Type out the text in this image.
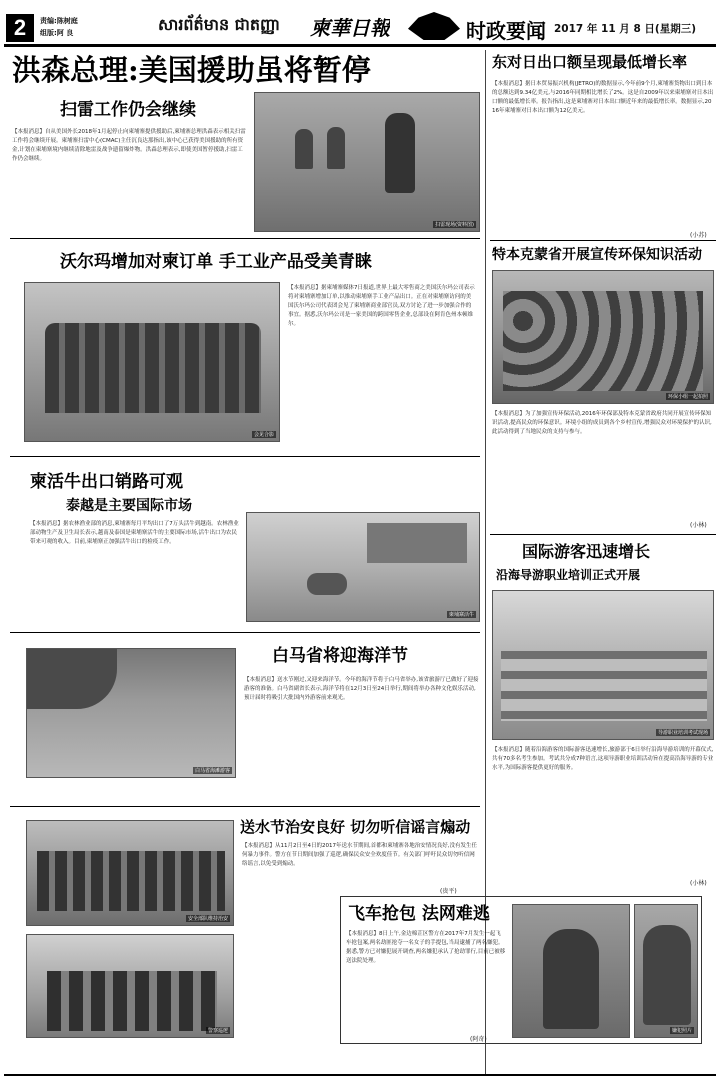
2	责编:陈树庭
组版:阿 良	សារព័ត៌មាន ជាតញ្ញា 柬華日報	时政要闻 2017 年 11 月 8 日(星期三)
洪森总理:美国援助虽将暂停
扫雷工作仍会继续
扫雷现场(资料图)
【本报消息】自从美国外长2018年1月起停止向柬埔寨提供援助后,柬埔寨总理洪森表示相关扫雷工作将会继续开展。柬埔寨扫雷中心(CMAC)主任沉良达那指出,该中心已获得美国援助的所有资金,计划在柬埔寨境内继续清除地雷及战争遗留爆炸物。洪森总理表示,即使美国暂停援助,扫雷工作仍会继续。
沃尔玛增加对柬订单 手工业产品受美青睐
会见合影
【本报消息】据柬埔寨媒体7日报道,世界上最大零售商之美国沃尔玛公司表示将对柬埔寨增加订单,以推动柬埔寨手工业产品出口。正在对柬埔寨访问的美国沃尔玛公司代表团会见了柬埔寨商业部官员,双方讨论了进一步加强合作的事宜。据悉,沃尔玛公司是一家美国的跨国零售企业,总部设在阿肯色州本顿维尔。
柬活牛出口销路可观
泰越是主要国际市场
【本报消息】据农林渔业部的消息,柬埔寨每月平均出口了7万头活牛到越南。农林渔业部动物生产及卫生局长表示,越南及泰国是柬埔寨活牛的主要国际市场,活牛出口为农民带来可观的收入。目前,柬埔寨正加强活牛出口的检疫工作。
柬埔寨活牛
白马省海滩游客
白马省将迎海洋节
【本报消息】送水节刚过,又迎来海洋节。今年的海洋节将于白马省举办,该省旅游厅已做好了迎接游客的准备。白马省副省长表示,海洋节将在12月3日至24日举行,期间将举办各种文化娱乐活动,预计届时将吸引大批国内外游客前来观光。
安全部队维持治安
警察巡逻
送水节治安良好 切勿听信谣言煽动
【本报消息】从11月2日至4日的2017年送水节期间,首都和柬埔寨各地治安情况良好,没有发生任何暴力事件。警方在节日期间加强了巡逻,确保民众安全欢度佳节。有关部门呼吁民众切勿听信网络谣言,以免受到煽动。
(贵平)
飞车抢包 法网难逃
【本报消息】8日上午,金边棉芷区警方在2017年7月发生一起飞车抢包案,两名劫匪抢夺一名女子的手提包,当局逮捕了两名嫌犯。据悉,警方已对嫌犯展开调查,两名嫌犯承认了抢劫罪行,目前已被移送法院处理。
嫌犯照片
(阿奇)
东对日出口额呈现最低增长率
【本报消息】据日本贸易振兴机构(JETRO)的数据显示,今年前9个月,柬埔寨货物出口到日本的总额达到9.34亿美元,与2016年同期相比增长了2%。这是自2009年以来柬埔寨对日本出口额的最低增长率。报告指出,这是柬埔寨对日本出口额近年来的最低增长率。数据显示,2016年柬埔寨对日本出口额为12亿美元。
(小苏)
特本克蒙省开展宣传环保知识活动
环保小组一起拍照
【本报消息】为了加强宣传环保活动,2016年环保部及特本克蒙省政府共同开展宣传环保知识活动,提高民众的环保意识。环境小组的成员到各个乡村宣传,增强民众对环境保护的认识,此活动得到了当地民众的支持与参与。
(小林)
国际游客迅速增长
沿海导游职业培训正式开展
导游职业培训考试现场
【本报消息】随着沿海游客的国际游客迅速增长,旅游部于6日举行沿海导游培训的开幕仪式,共有70多名考生参加。考试共分成7种语言,这项导游职业培训活动旨在提高沿海导游的专业水平,为国际游客提供更好的服务。
(小林)
